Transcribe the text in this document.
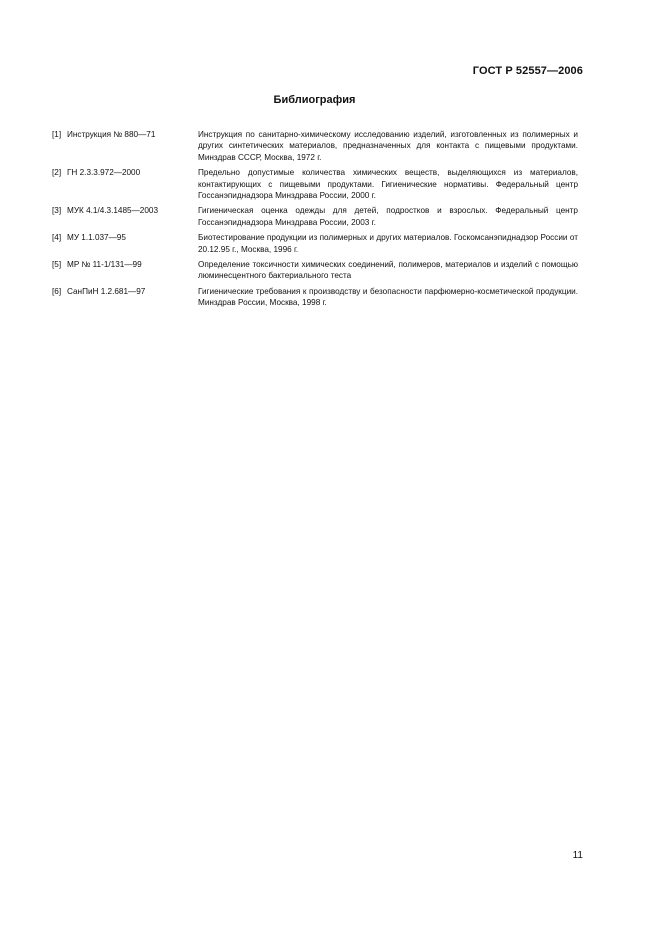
ГОСТ Р 52557—2006
Библиография
[1] Инструкция № 880—71	Инструкция по санитарно-химическому исследованию изделий, изготовленных из полимерных и других синтетических материалов, предназначенных для контакта с пищевыми продуктами. Минздрав СССР, Москва, 1972 г.
[2] ГН 2.3.3.972—2000	Предельно допустимые количества химических веществ, выделяющихся из материалов, контактирующих с пищевыми продуктами. Гигиенические нормативы. Федеральный центр Госсанэпиднадзора Минздрава России, 2000 г.
[3] МУК 4.1/4.3.1485—2003	Гигиеническая оценка одежды для детей, подростков и взрослых. Федеральный центр Госсанэпиднадзора Минздрава России, 2003 г.
[4] МУ 1.1.037—95	Биотестирование продукции из полимерных и других материалов. Госкомсанэпиднадзор России от 20.12.95 г., Москва, 1996 г.
[5] МР № 11-1/131—99	Определение токсичности химических соединений, полимеров, материалов и изделий с помощью люминесцентного бактериального теста
[6] СанПиН 1.2.681—97	Гигиенические требования к производству и безопасности парфюмерно-косметической продукции. Минздрав России, Москва, 1998 г.
11
